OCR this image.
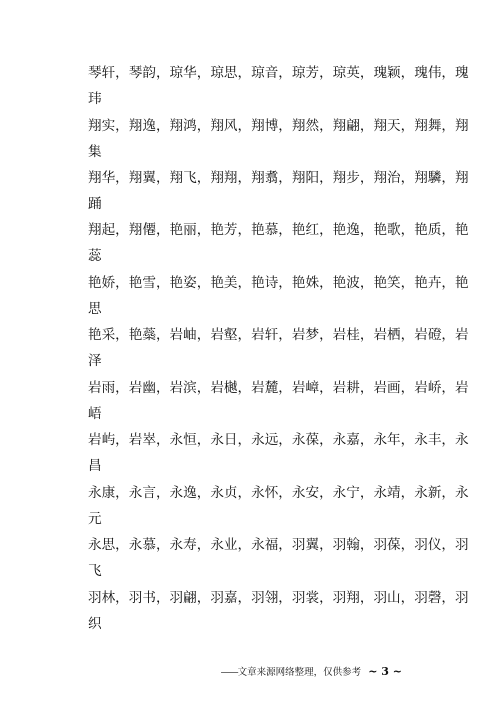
琴轩，琴韵，琼华，琼思，琼音，琼芳，琼英，瑰颖，瑰伟，瑰
玮
翔实，翔逸，翔鸿，翔风，翔博，翔然，翔翩，翔天，翔舞，翔
集
翔华，翔翼，翔飞，翔翔，翔翥，翔阳，翔步，翔治，翔驎，翔
踊
翔起，翔僊，艳丽，艳芳，艳慕，艳红，艳逸，艳歌，艳质，艳
蕊
艳娇，艳雪，艳姿，艳美，艳诗，艳姝，艳波，艳笑，艳卉，艳
思
艳采，艳蘂，岩岫，岩壑，岩轩，岩梦，岩桂，岩栖，岩磴，岩
泽
岩雨，岩幽，岩滨，岩樾，岩麓，岩嶂，岩耕，岩画，岩峤，岩
峿
岩屿，岩崒，永恒，永日，永远，永葆，永嘉，永年，永丰，永
昌
永康，永言，永逸，永贞，永怀，永安，永宁，永靖，永新，永
元
永思，永慕，永寿，永业，永福，羽翼，羽翰，羽葆，羽仪，羽
飞
羽林，羽书，羽翩，羽嘉，羽翎，羽裳，羽翔，羽山，羽磬，羽
织
——文章来源网络整理，仅供参考 ~ 3 ~
